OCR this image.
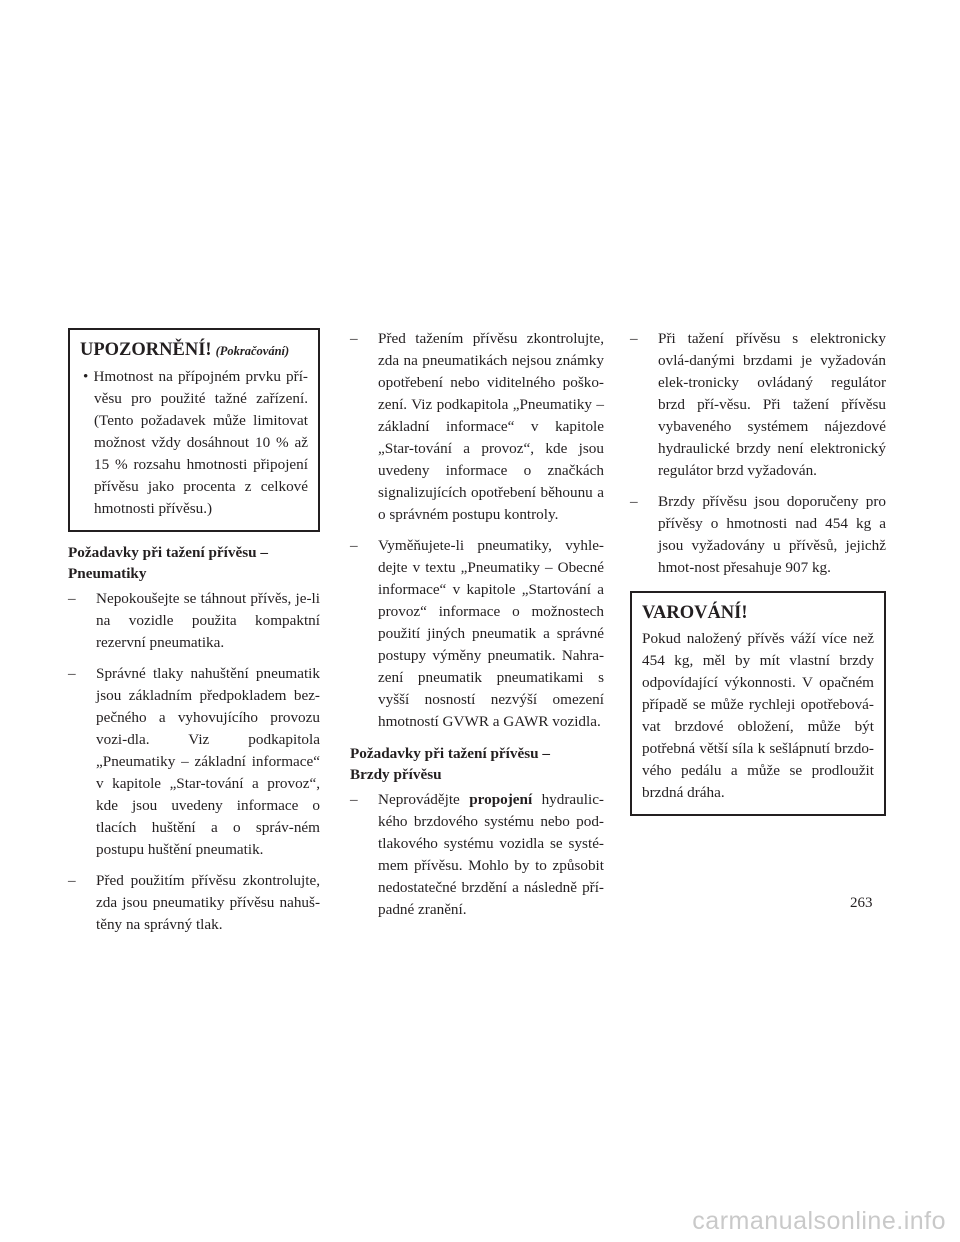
UPOZORNĚNÍ! (Pokračování)

• Hmotnost na přípojném prvku pří-věsu pro použité tažné zařízení. (Tento požadavek může limitovat možnost vždy dosáhnout 10 % až 15 % rozsahu hmotnosti připojení přívěsu jako procenta z celkové hmotnosti přívěsu.)

Požadavky při tažení přívěsu –
Pneumatiky

– Nepokoušejte se táhnout přívěs, je-li na vozidle použita kompaktní rezervní pneumatika.

– Správné tlaky nahuštění pneumatik jsou základním předpokladem bez-pečného a vyhovujícího provozu vozi-dla. Viz podkapitola „Pneumatiky – základní informace“ v kapitole „Star-tování a provoz“, kde jsou uvedeny informace o tlacích huštění a o správ-ném postupu huštění pneumatik.

– Před použitím přívěsu zkontrolujte, zda jsou pneumatiky přívěsu nahuš-těny na správný tlak.

– Před tažením přívěsu zkontrolujte, zda na pneumatikách nejsou známky opotřebení nebo viditelného poško-zení. Viz podkapitola „Pneumatiky – základní informace“ v kapitole „Star-tování a provoz“, kde jsou uvedeny informace o značkách signalizujících opotřebení běhounu a o správném postupu kontroly.

– Vyměňujete-li pneumatiky, vyhle-dejte v textu „Pneumatiky – Obecné informace“ v kapitole „Startování a provoz“ informace o možnostech použití jiných pneumatik a správné postupy výměny pneumatik. Nahra-zení pneumatik pneumatikami s vyšší nosností nezvýší omezení hmotností GVWR a GAWR vozidla.

Požadavky při tažení přívěsu –
Brzdy přívěsu

– Neprovádějte propojení hydraulic-kého brzdového systému nebo pod-tlakového systému vozidla se systé-mem přívěsu. Mohlo by to způsobit nedostatečné brzdění a následně pří-padné zranění.

– Při tažení přívěsu s elektronicky ovlá-danými brzdami je vyžadován elek-tronicky ovládaný regulátor brzd pří-věsu. Při tažení přívěsu vybaveného systémem nájezdové hydraulické brzdy není elektronický regulátor brzd vyžadován.

– Brzdy přívěsu jsou doporučeny pro přívěsy o hmotnosti nad 454 kg a jsou vyžadovány u přívěsů, jejichž hmot-nost přesahuje 907 kg.

VAROVÁNÍ!

Pokud naložený přívěs váží více než 454 kg, měl by mít vlastní brzdy odpovídající výkonnosti. V opačném případě se může rychleji opotřebová-vat brzdové obložení, může být potřebná větší síla k sešlápnutí brzdo-vého pedálu a může se prodloužit brzdná dráha.

263
carmanualsonline.info
